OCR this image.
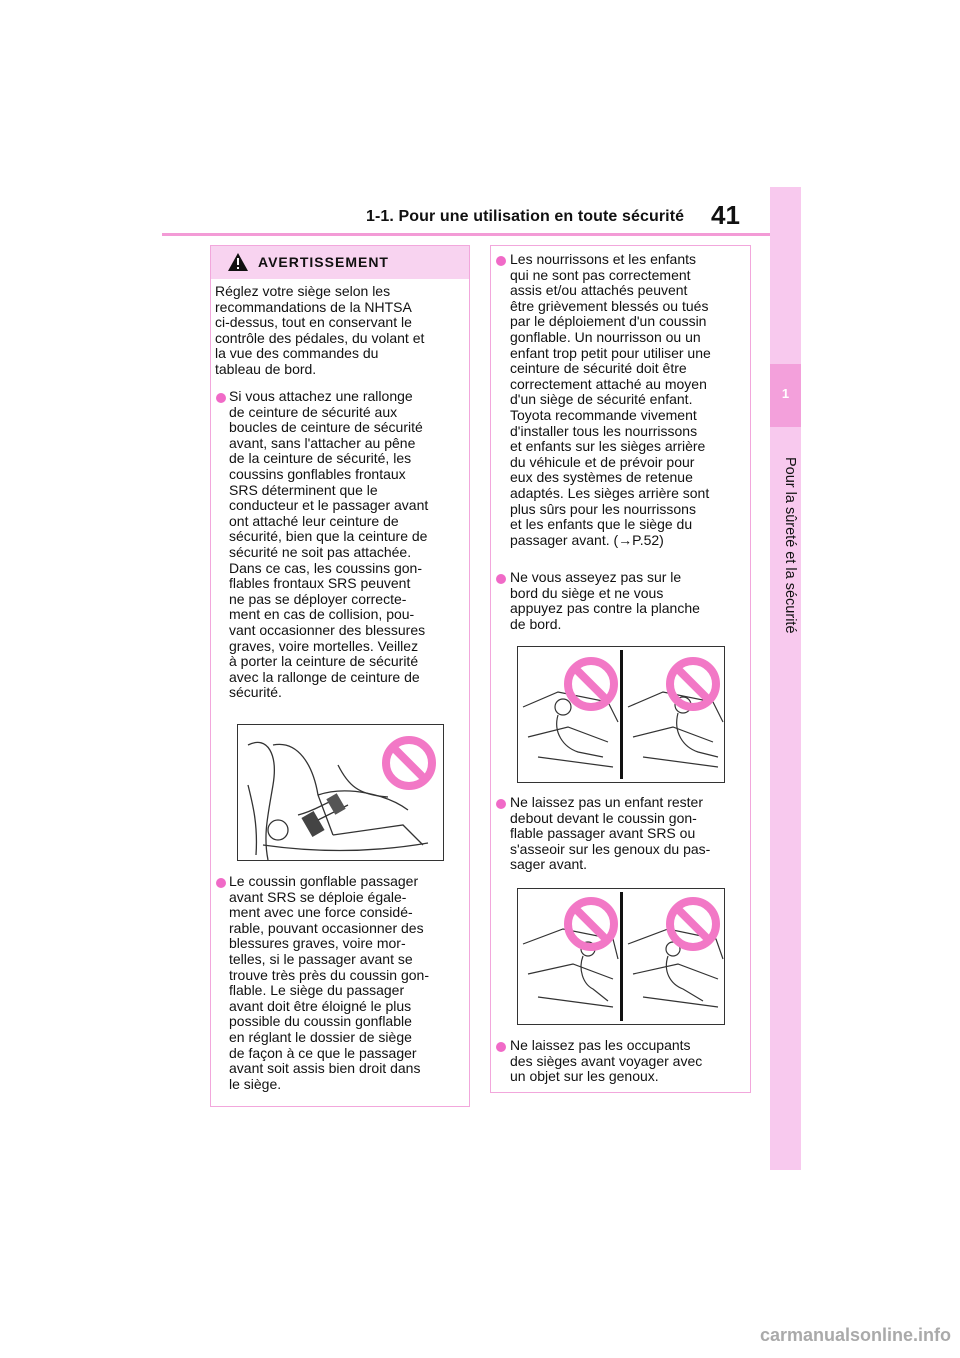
1-1. Pour une utilisation en toute sécurité 41
1
Pour la sûreté et la sécurité
AVERTISSEMENT
Réglez votre siège selon les
recommandations de la NHTSA
ci-dessus, tout en conservant le
contrôle des pédales, du volant et
la vue des commandes du
tableau de bord.
Si vous attachez une rallonge
de ceinture de sécurité aux
boucles de ceinture de sécurité
avant, sans l'attacher au pêne
de la ceinture de sécurité, les
coussins gonflables frontaux
SRS déterminent que le
conducteur et le passager avant
ont attaché leur ceinture de
sécurité, bien que la ceinture de
sécurité ne soit pas attachée.
Dans ce cas, les coussins gon-
flables frontaux SRS peuvent
ne pas se déployer correcte-
ment en cas de collision, pou-
vant occasionner des blessures
graves, voire mortelles. Veillez
à porter la ceinture de sécurité
avec la rallonge de ceinture de
sécurité.
Le coussin gonflable passager
avant SRS se déploie égale-
ment avec une force considé-
rable, pouvant occasionner des
blessures graves, voire mor-
telles, si le passager avant se
trouve très près du coussin gon-
flable. Le siège du passager
avant doit être éloigné le plus
possible du coussin gonflable
en réglant le dossier de siège
de façon à ce que le passager
avant soit assis bien droit dans
le siège.
Les nourrissons et les enfants
qui ne sont pas correctement
assis et/ou attachés peuvent
être grièvement blessés ou tués
par le déploiement d'un coussin
gonflable. Un nourrisson ou un
enfant trop petit pour utiliser une
ceinture de sécurité doit être
correctement attaché au moyen
d'un siège de sécurité enfant.
Toyota recommande vivement
d'installer tous les nourrissons
et enfants sur les sièges arrière
du véhicule et de prévoir pour
eux des systèmes de retenue
adaptés. Les sièges arrière sont
plus sûrs pour les nourrissons
et les enfants que le siège du
passager avant. (→P.52)
Ne vous asseyez pas sur le
bord du siège et ne vous
appuyez pas contre la planche
de bord.
Ne laissez pas un enfant rester
debout devant le coussin gon-
flable passager avant SRS ou
s'asseoir sur les genoux du pas-
sager avant.
Ne laissez pas les occupants
des sièges avant voyager avec
un objet sur les genoux.
carmanualsonline.info
